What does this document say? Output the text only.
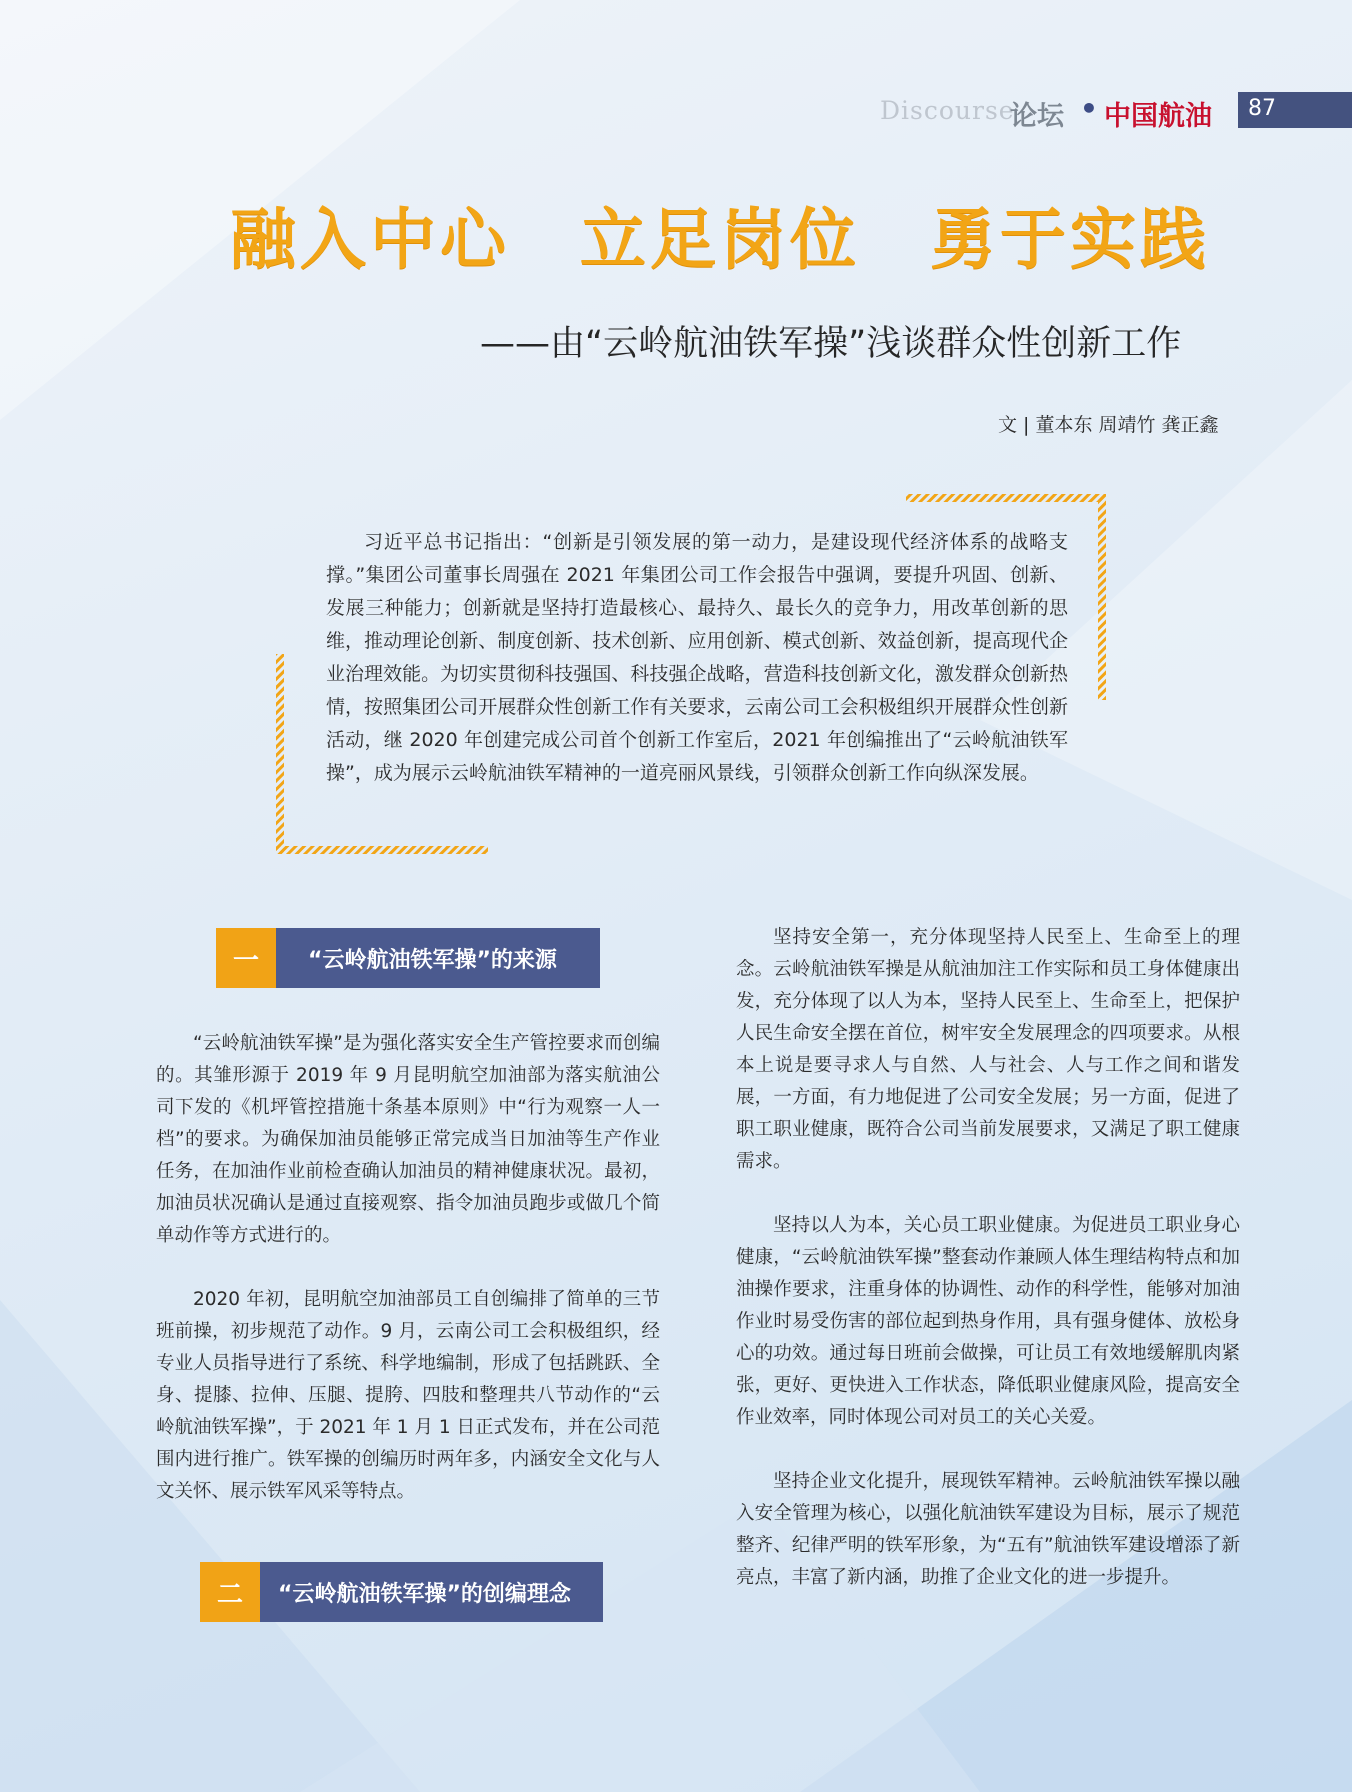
Discourse
论坛 • 中国航油 87
融入中心　立足岗位　勇于实践
——由“云岭航油铁军操”浅谈群众性创新工作
文 | 董本东 周靖竹 龚正鑫

习近平总书记指出：“创新是引领发展的第一动力，是建设现代经济体系的战略支撑。”集团公司董事长周强在 2021 年集团公司工作会报告中强调，要提升巩固、创新、发展三种能力；创新就是坚持打造最核心、最持久、最长久的竞争力，用改革创新的思维，推动理论创新、制度创新、技术创新、应用创新、模式创新、效益创新，提高现代企业治理效能。为切实贯彻科技强国、科技强企战略，营造科技创新文化，激发群众创新热情，按照集团公司开展群众性创新工作有关要求，云南公司工会积极组织开展群众性创新活动，继 2020 年创建完成公司首个创新工作室后，2021 年创编推出了“云岭航油铁军操”，成为展示云岭航油铁军精神的一道亮丽风景线，引领群众创新工作向纵深发展。

一	“云岭航油铁军操”的来源

“云岭航油铁军操”是为强化落实安全生产管控要求而创编的。其雏形源于 2019 年 9 月昆明航空加油部为落实航油公司下发的《机坪管控措施十条基本原则》中“行为观察一人一档”的要求。为确保加油员能够正常完成当日加油等生产作业任务，在加油作业前检查确认加油员的精神健康状况。最初，加油员状况确认是通过直接观察、指令加油员跑步或做几个简单动作等方式进行的。

2020 年初，昆明航空加油部员工自创编排了简单的三节班前操，初步规范了动作。9 月，云南公司工会积极组织，经专业人员指导进行了系统、科学地编制，形成了包括跳跃、全身、提膝、拉伸、压腿、提胯、四肢和整理共八节动作的“云岭航油铁军操”，于 2021 年 1 月 1 日正式发布，并在公司范围内进行推广。铁军操的创编历时两年多，内涵安全文化与人文关怀、展示铁军风采等特点。

二	“云岭航油铁军操”的创编理念

坚持安全第一，充分体现坚持人民至上、生命至上的理念。云岭航油铁军操是从航油加注工作实际和员工身体健康出发，充分体现了以人为本，坚持人民至上、生命至上，把保护人民生命安全摆在首位，树牢安全发展理念的四项要求。从根本上说是要寻求人与自然、人与社会、人与工作之间和谐发展，一方面，有力地促进了公司安全发展；另一方面，促进了职工职业健康，既符合公司当前发展要求，又满足了职工健康需求。

坚持以人为本，关心员工职业健康。为促进员工职业身心健康，“云岭航油铁军操”整套动作兼顾人体生理结构特点和加油操作要求，注重身体的协调性、动作的科学性，能够对加油作业时易受伤害的部位起到热身作用，具有强身健体、放松身心的功效。通过每日班前会做操，可让员工有效地缓解肌肉紧张，更好、更快进入工作状态，降低职业健康风险，提高安全作业效率，同时体现公司对员工的关心关爱。

坚持企业文化提升，展现铁军精神。云岭航油铁军操以融入安全管理为核心，以强化航油铁军建设为目标，展示了规范整齐、纪律严明的铁军形象，为“五有”航油铁军建设增添了新亮点，丰富了新内涵，助推了企业文化的进一步提升。
